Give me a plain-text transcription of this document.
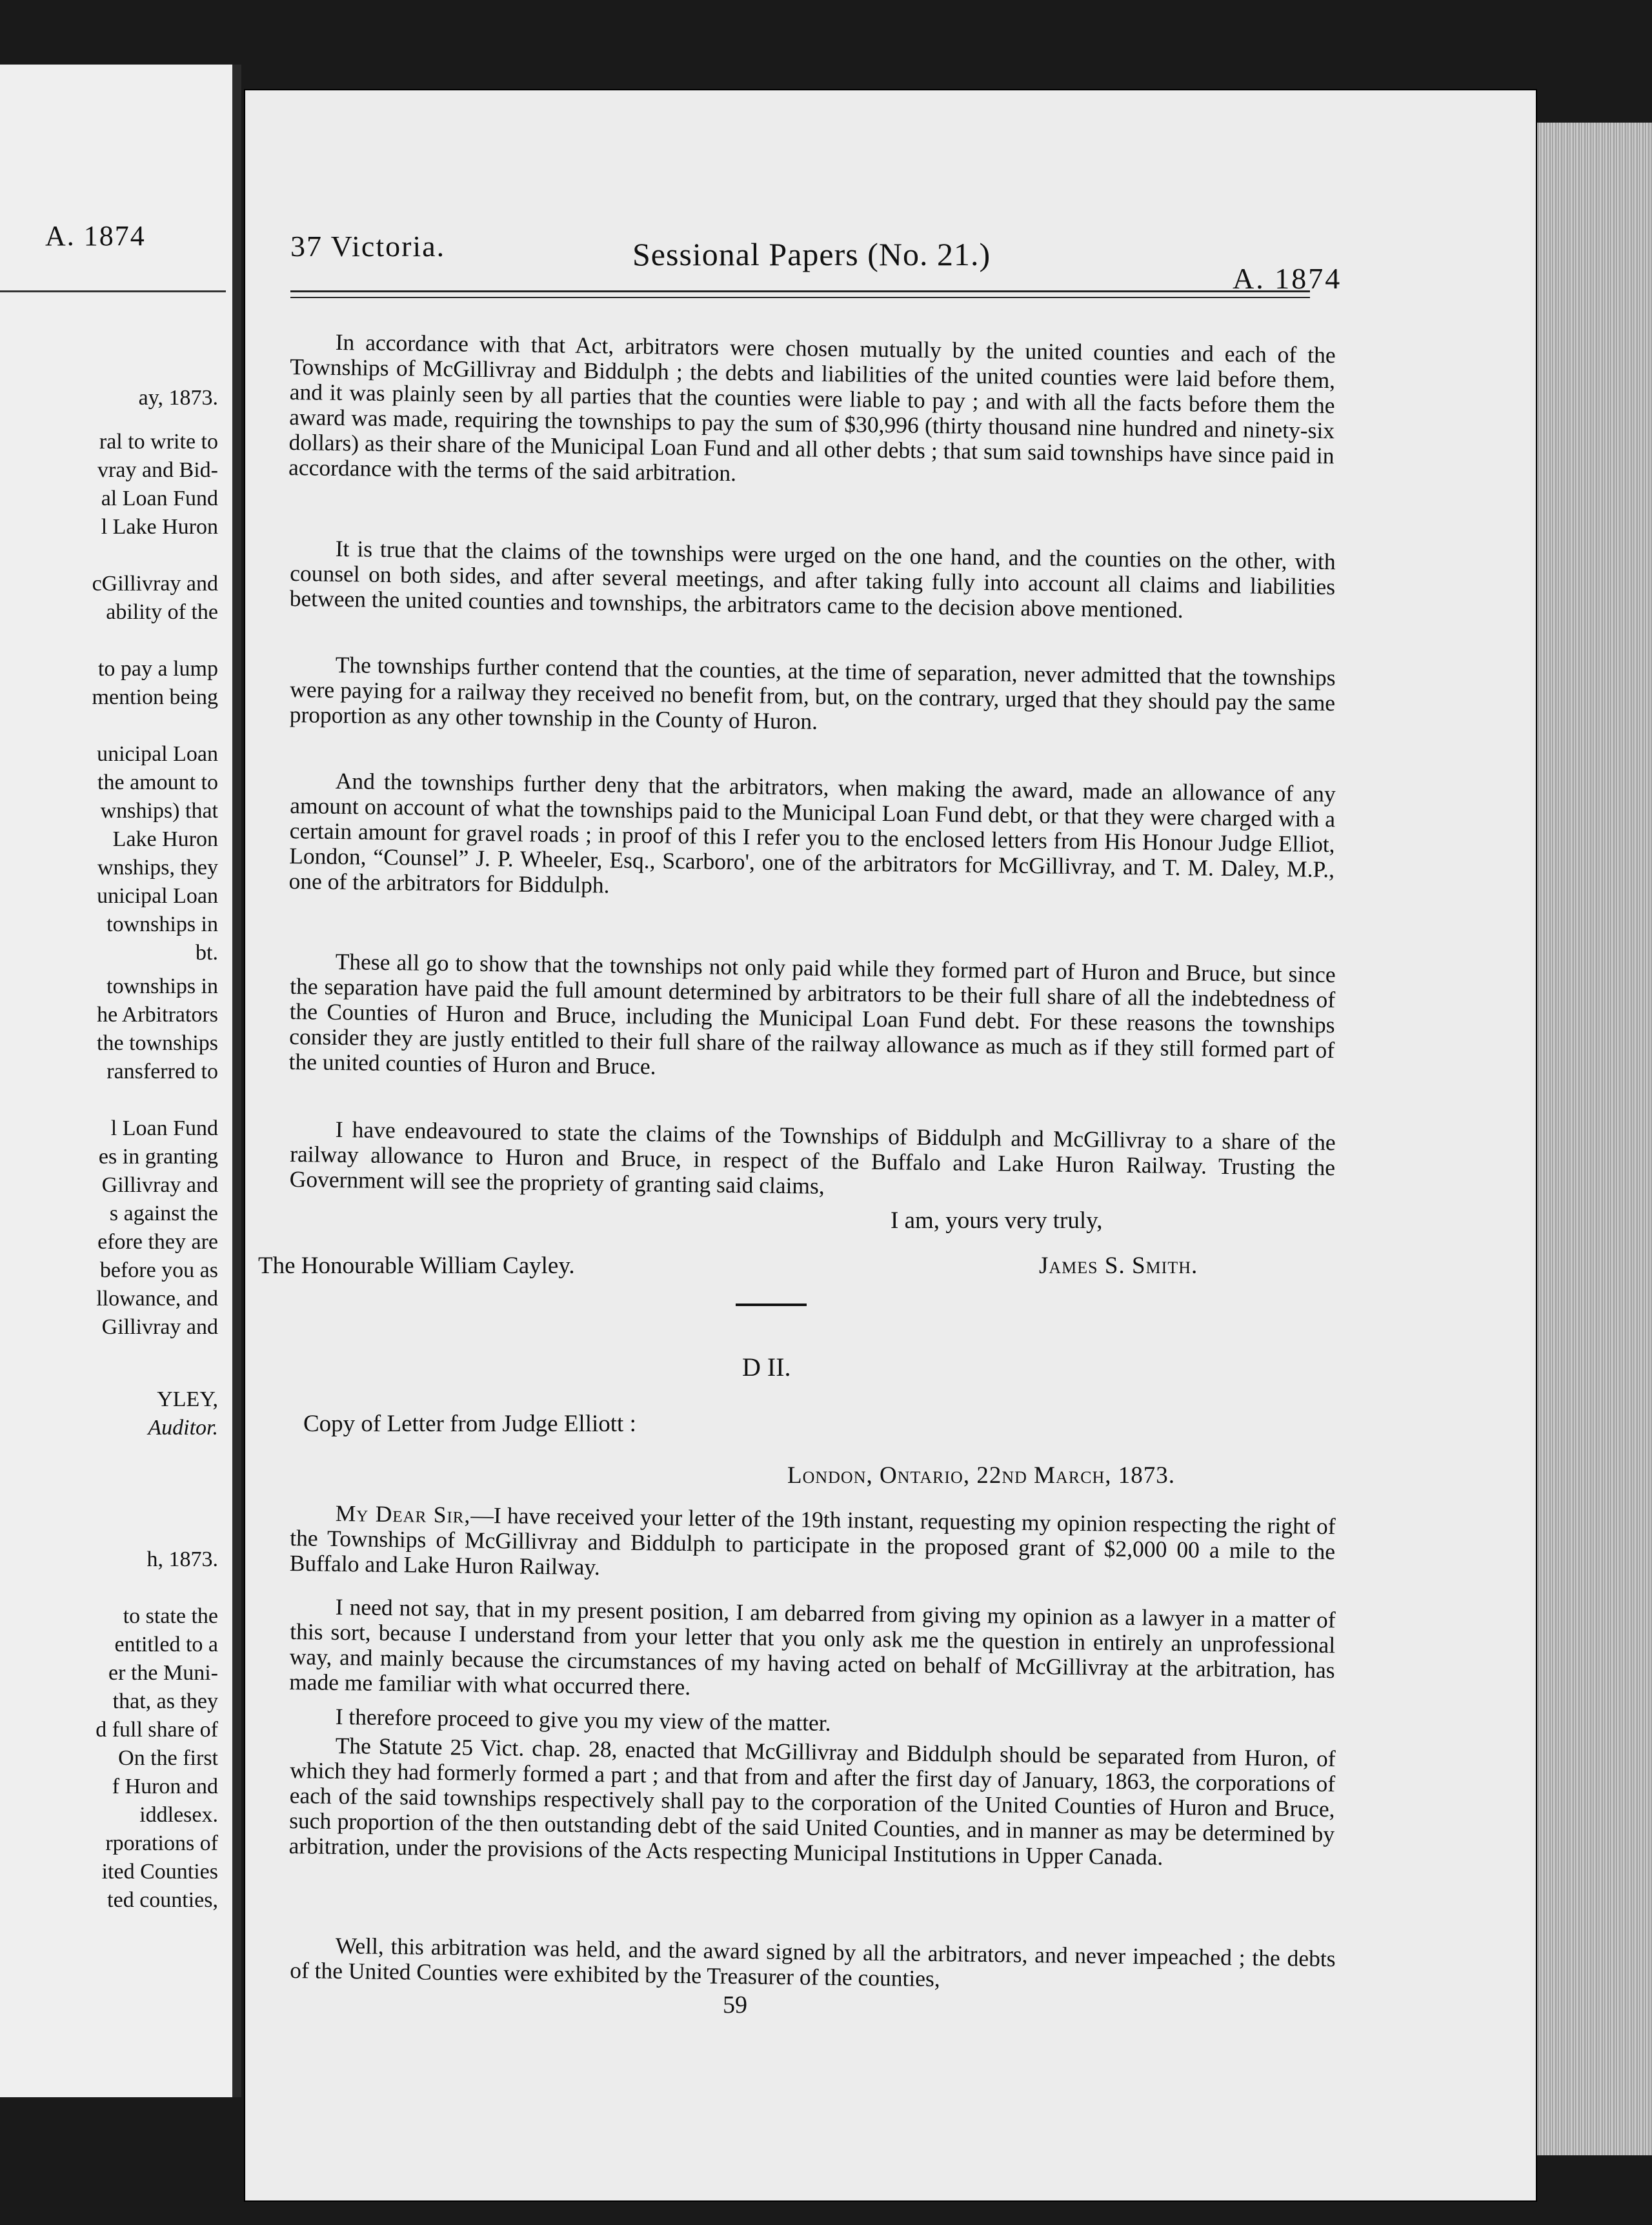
A. 1874
ay, 1873.
ral to write to
vray and Bid-
al Loan Fund
l Lake Huron
cGillivray and
ability of the
to pay a lump
mention being
unicipal Loan
the amount to
wnships) that
Lake Huron
wnships, they
unicipal Loan
townships in
bt.
townships in
he Arbitrators
the townships
ransferred to
l Loan Fund
es in granting
Gillivray and
s against the
efore they are
before you as
llowance, and
Gillivray and
YLEY,
Auditor.
h, 1873.
to state the
entitled to a
er the Muni-
that, as they
d full share of
On the first
f Huron and
iddlesex.
rporations of
ited Counties
ted counties,
37 Victoria.	Sessional Papers (No. 21.)
A. 1874
In accordance with that Act, arbitrators were chosen mutually by the united counties and each of the Townships of McGillivray and Biddulph ; the debts and liabilities of the united counties were laid before them, and it was plainly seen by all parties that the counties were liable to pay ; and with all the facts before them the award was made, requiring the townships to pay the sum of $30,996 (thirty thousand nine hundred and ninety-six dollars) as their share of the Municipal Loan Fund and all other debts ; that sum said townships have since paid in accordance with the terms of the said arbitration.
It is true that the claims of the townships were urged on the one hand, and the counties on the other, with counsel on both sides, and after several meetings, and after taking fully into account all claims and liabilities between the united counties and townships, the arbitrators came to the decision above mentioned.
The townships further contend that the counties, at the time of separation, never admitted that the townships were paying for a railway they received no benefit from, but, on the contrary, urged that they should pay the same proportion as any other township in the County of Huron.
And the townships further deny that the arbitrators, when making the award, made an allowance of any amount on account of what the townships paid to the Municipal Loan Fund debt, or that they were charged with a certain amount for gravel roads ; in proof of this I refer you to the enclosed letters from His Honour Judge Elliot, London, “Counsel” J. P. Wheeler, Esq., Scarboro', one of the arbitrators for McGillivray, and T. M. Daley, M.P., one of the arbitrators for Biddulph.
These all go to show that the townships not only paid while they formed part of Huron and Bruce, but since the separation have paid the full amount determined by arbitrators to be their full share of all the indebtedness of the Counties of Huron and Bruce, including the Municipal Loan Fund debt. For these reasons the townships consider they are justly entitled to their full share of the railway allowance as much as if they still formed part of the united counties of Huron and Bruce.
I have endeavoured to state the claims of the Townships of Biddulph and McGillivray to a share of the railway allowance to Huron and Bruce, in respect of the Buffalo and Lake Huron Railway. Trusting the Government will see the propriety of granting said claims,
I am, yours very truly,
The Honourable William Cayley.	James S. Smith.
D II.
Copy of Letter from Judge Elliott :
London, Ontario, 22nd March, 1873.
My Dear Sir,—I have received your letter of the 19th instant, requesting my opinion respecting the right of the Townships of McGillivray and Biddulph to participate in the proposed grant of $2,000 00 a mile to the Buffalo and Lake Huron Railway.
I need not say, that in my present position, I am debarred from giving my opinion as a lawyer in a matter of this sort, because I understand from your letter that you only ask me the question in entirely an unprofessional way, and mainly because the circumstances of my having acted on behalf of McGillivray at the arbitration, has made me familiar with what occurred there.
I therefore proceed to give you my view of the matter.
The Statute 25 Vict. chap. 28, enacted that McGillivray and Biddulph should be separated from Huron, of which they had formerly formed a part ; and that from and after the first day of January, 1863, the corporations of each of the said townships respectively shall pay to the corporation of the United Counties of Huron and Bruce, such proportion of the then outstanding debt of the said United Counties, and in manner as may be determined by arbitration, under the provisions of the Acts respecting Municipal Institutions in Upper Canada.
Well, this arbitration was held, and the award signed by all the arbitrators, and never impeached ; the debts of the United Counties were exhibited by the Treasurer of the counties,
59
